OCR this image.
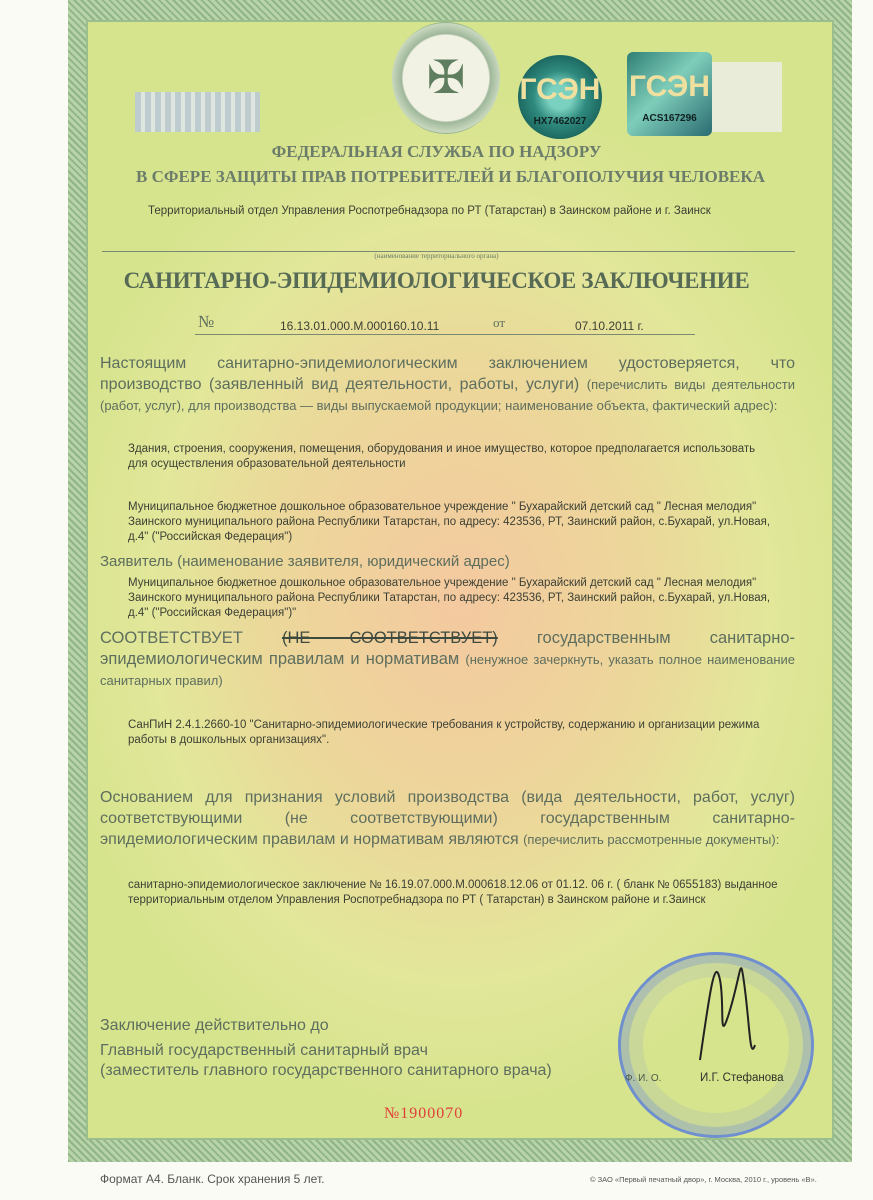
✠ ГСЭН
HX7462027
ГСЭН
ACS167296
ФЕДЕРАЛЬНАЯ СЛУЖБА ПО НАДЗОРУ
В СФЕРЕ ЗАЩИТЫ ПРАВ ПОТРЕБИТЕЛЕЙ И БЛАГОПОЛУЧИЯ ЧЕЛОВЕКА
Территориальный отдел Управления Роспотребнадзора по РТ (Татарстан) в Заинском районе и г. Заинск
(наименование территориального органа)
САНИТАРНО-ЭПИДЕМИОЛОГИЧЕСКОЕ ЗАКЛЮЧЕНИЕ
№	16.13.01.000.М.000160.10.11	от	07.10.2011 г.
Настоящим санитарно-эпидемиологическим заключением удостоверяется, что производство (заявленный вид деятельности, работы, услуги) (перечислить виды деятельности (работ, услуг), для производства — виды выпускаемой продукции; наименование объекта, фактический адрес):
Здания, строения, сооружения, помещения, оборудования и иное имущество, которое предполагается использовать для осуществления образовательной деятельности
Муниципальное бюджетное дошкольное образовательное учреждение " Бухарайский детский сад " Лесная мелодия" Заинского муниципального района Республики Татарстан, по адресу: 423536, РТ, Заинский район, с.Бухарай, ул.Новая, д.4" ("Российская Федерация")
Заявитель (наименование заявителя, юридический адрес)
Муниципальное бюджетное дошкольное образовательное учреждение " Бухарайский детский сад " Лесная мелодия" Заинского муниципального района Республики Татарстан, по адресу: 423536, РТ, Заинский район, с.Бухарай, ул.Новая, д.4" ("Российская Федерация")"
СООТВЕТСТВУЕТ (НЕ СООТВЕТСТВУЕТ) государственным санитарно-эпидемиологическим правилам и нормативам (ненужное зачеркнуть, указать полное наименование санитарных правил)
СанПиН 2.4.1.2660-10 "Санитарно-эпидемиологические требования к устройству, содержанию и организации режима работы в дошкольных организациях".
Основанием для признания условий производства (вида деятельности, работ, услуг) соответствующими (не соответствующими) государственным санитарно-эпидемиологическим правилам и нормативам являются (перечислить рассмотренные документы):
санитарно-эпидемиологическое заключение № 16.19.07.000.М.000618.12.06 от 01.12. 06 г. ( бланк № 0655183) выданное территориальным отделом Управления Роспотребнадзора по РТ ( Татарстан) в Заинском районе и г.Заинск
Заключение действительно до
Главный государственный санитарный врач
(заместитель главного государственного санитарного врача)	Ф. И. О.	И.Г. Стефанова
№1900070
Формат А4. Бланк. Срок хранения 5 лет.	© ЗАО «Первый печатный двор», г. Москва, 2010 г., уровень «В».
